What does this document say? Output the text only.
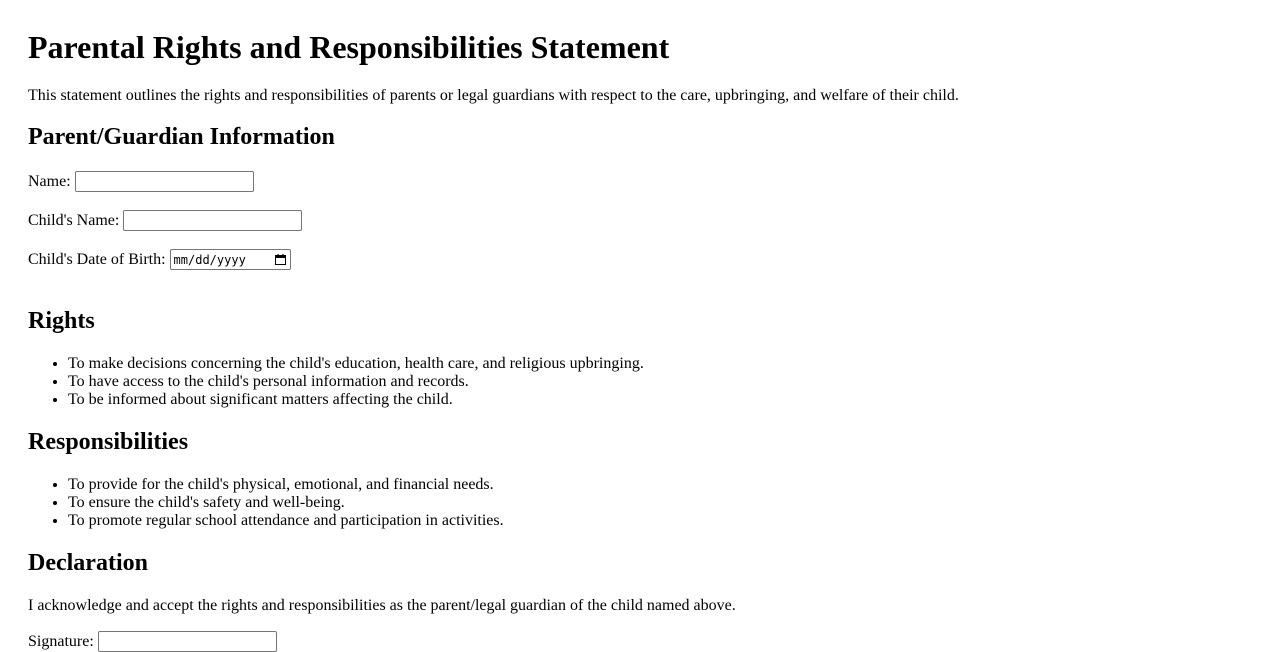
Parental Rights and Responsibilities Statement

This statement outlines the rights and responsibilities of parents or legal guardians with respect to the care, upbringing, and welfare of their child.

Parent/Guardian Information
Name:
Child's Name:
Child's Date of Birth: mm/dd/yyyy
Rights
• To make decisions concerning the child's education, health care, and religious upbringing.
• To have access to the child's personal information and records.
• To be informed about significant matters affecting the child.
Responsibilities
• To provide for the child's physical, emotional, and financial needs.
• To ensure the child's safety and well-being.
• To promote regular school attendance and participation in activities.
Declaration

I acknowledge and accept the rights and responsibilities as the parent/legal guardian of the child named above.

Signature:
